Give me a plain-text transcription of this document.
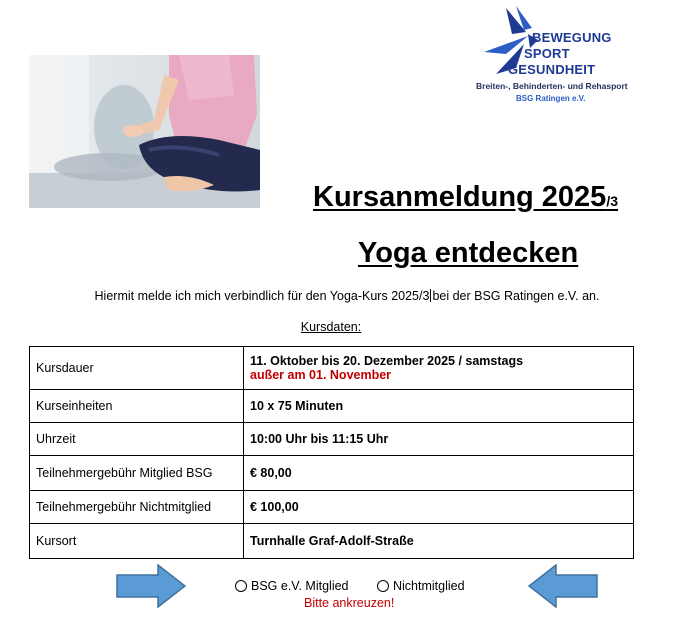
BEWEGUNG
SPORT
GESUNDHEIT
Breiten-, Behinderten- und Rehasport
BSG Ratingen e.V.
Kursanmeldung 2025/3
Yoga entdecken
Hiermit melde ich mich verbindlich für den Yoga-Kurs 2025/3 bei der BSG Ratingen e.V. an.
Kursdaten:
Kursdauer	11. Oktober bis 20. Dezember 2025 / samstags
außer am 01. November

Kurseinheiten	10 x 75 Minuten
Uhrzeit	10:00 Uhr bis 11:15 Uhr
Teilnehmergebühr Mitglied BSG	€ 80,00
Teilnehmergebühr Nichtmitglied	€ 100,00
Kursort	Turnhalle Graf-Adolf-Straße
BSG e.V. Mitglied	Nichtmitglied
Bitte ankreuzen!
